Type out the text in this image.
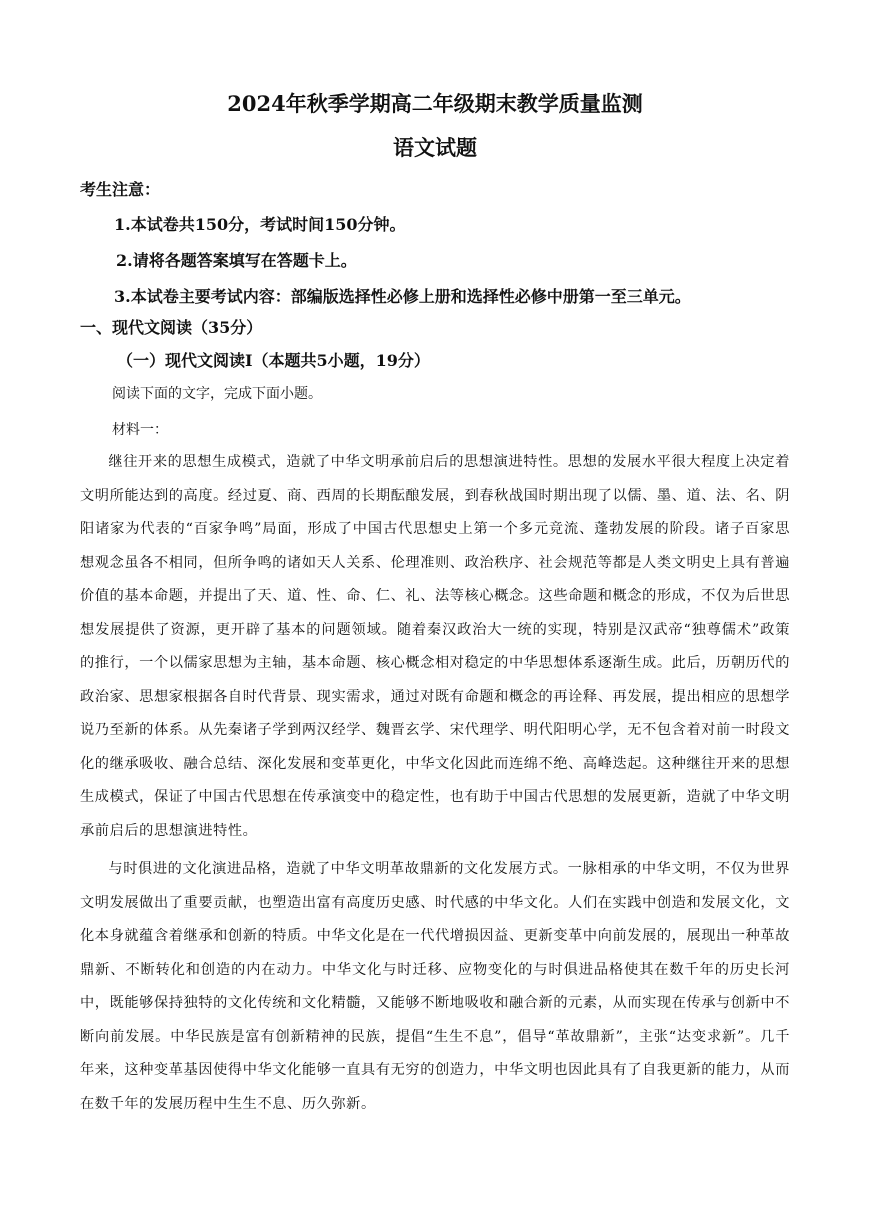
2024年秋季学期高二年级期末教学质量监测
语文试题
考生注意：
1.本试卷共150分，考试时间150分钟。
2.请将各题答案填写在答题卡上。
3.本试卷主要考试内容：部编版选择性必修上册和选择性必修中册第一至三单元。
一、现代文阅读（35分）
（一）现代文阅读Ⅰ（本题共5小题，19分）
阅读下面的文字，完成下面小题。
材料一：

继往开来的思想生成模式，造就了中华文明承前启后的思想演进特性。思想的发展水平很大程度上决定着文明所能达到的高度。经过夏、商、西周的长期酝酿发展，到春秋战国时期出现了以儒、墨、道、法、名、阴阳诸家为代表的“百家争鸣”局面，形成了中国古代思想史上第一个多元竞流、蓬勃发展的阶段。诸子百家思想观念虽各不相同，但所争鸣的诸如天人关系、伦理准则、政治秩序、社会规范等都是人类文明史上具有普遍价值的基本命题，并提出了天、道、性、命、仁、礼、法等核心概念。这些命题和概念的形成，不仅为后世思想发展提供了资源，更开辟了基本的问题领域。随着秦汉政治大一统的实现，特别是汉武帝“独尊儒术”政策的推行，一个以儒家思想为主轴，基本命题、核心概念相对稳定的中华思想体系逐渐生成。此后，历朝历代的政治家、思想家根据各自时代背景、现实需求，通过对既有命题和概念的再诠释、再发展，提出相应的思想学说乃至新的体系。从先秦诸子学到两汉经学、魏晋玄学、宋代理学、明代阳明心学，无不包含着对前一时段文化的继承吸收、融合总结、深化发展和变革更化，中华文化因此而连绵不绝、高峰迭起。这种继往开来的思想生成模式，保证了中国古代思想在传承演变中的稳定性，也有助于中国古代思想的发展更新，造就了中华文明承前启后的思想演进特性。

与时俱进的文化演进品格，造就了中华文明革故鼎新的文化发展方式。一脉相承的中华文明，不仅为世界文明发展做出了重要贡献，也塑造出富有高度历史感、时代感的中华文化。人们在实践中创造和发展文化，文化本身就蕴含着继承和创新的特质。中华文化是在一代代增损因益、更新变革中向前发展的，展现出一种革故鼎新、不断转化和创造的内在动力。中华文化与时迁移、应物变化的与时俱进品格使其在数千年的历史长河中，既能够保持独特的文化传统和文化精髓，又能够不断地吸收和融合新的元素，从而实现在传承与创新中不断向前发展。中华民族是富有创新精神的民族，提倡“生生不息”，倡导“革故鼎新”，主张“达变求新”。几千年来，这种变革基因使得中华文化能够一直具有无穷的创造力，中华文明也因此具有了自我更新的能力，从而在数千年的发展历程中生生不息、历久弥新。
